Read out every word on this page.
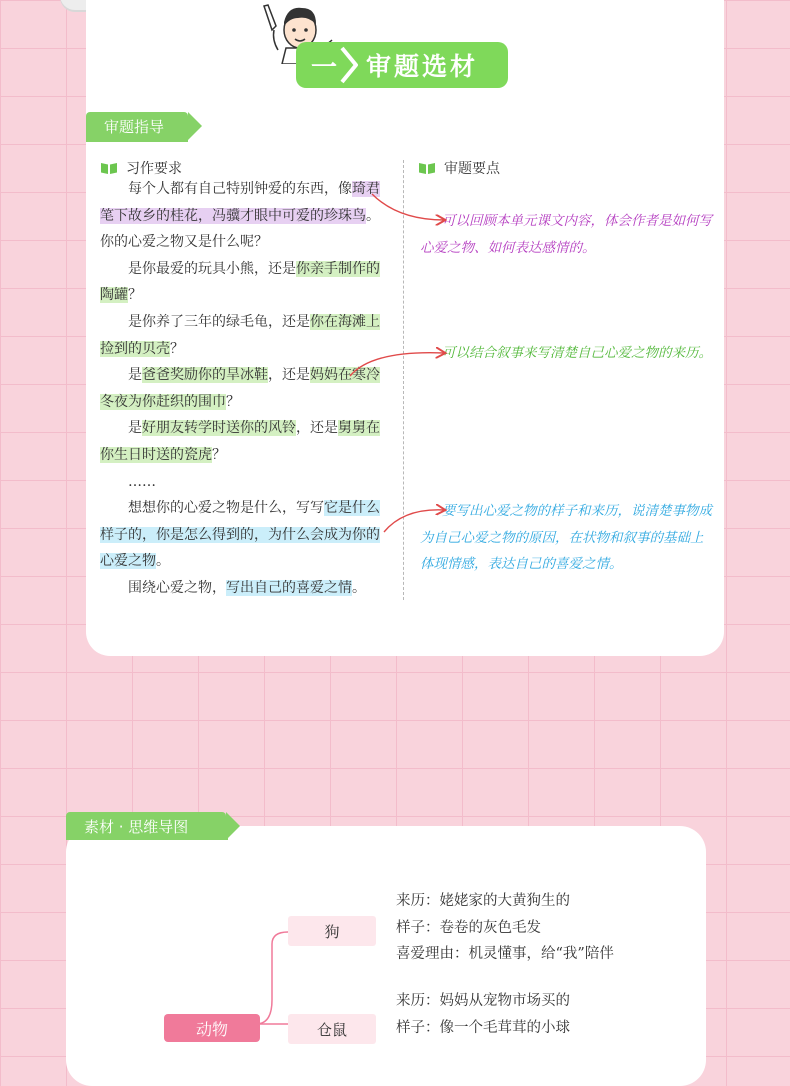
一	审题选材
审题指导
习作要求	审题要点

每个人都有自己特别钟爱的东西，像琦君笔下故乡的桂花，冯骥才眼中可爱的珍珠鸟。你的心爱之物又是什么呢？

是你最爱的玩具小熊，还是你亲手制作的陶罐？

是你养了三年的绿毛龟，还是你在海滩上捡到的贝壳？

是爸爸奖励你的旱冰鞋，还是妈妈在寒冷冬夜为你赶织的围巾？

是好朋友转学时送你的风铃，还是舅舅在你生日时送的瓷虎？

……

想想你的心爱之物是什么，写写它是什么样子的，你是怎么得到的，为什么会成为你的心爱之物。

围绕心爱之物，写出自己的喜爱之情。

可以回顾本单元课文内容，体会作者是如何写心爱之物、如何表达感情的。
可以结合叙事来写清楚自己心爱之物的来历。
要写出心爱之物的样子和来历，说清楚事物成为自己心爱之物的原因，在状物和叙事的基础上体现情感，表达自己的喜爱之情。
素材 · 思维导图
动物
狗
仓鼠
来历：姥姥家的大黄狗生的
样子：卷卷的灰色毛发
喜爱理由：机灵懂事，给“我”陪伴
来历：妈妈从宠物市场买的
样子：像一个毛茸茸的小球
